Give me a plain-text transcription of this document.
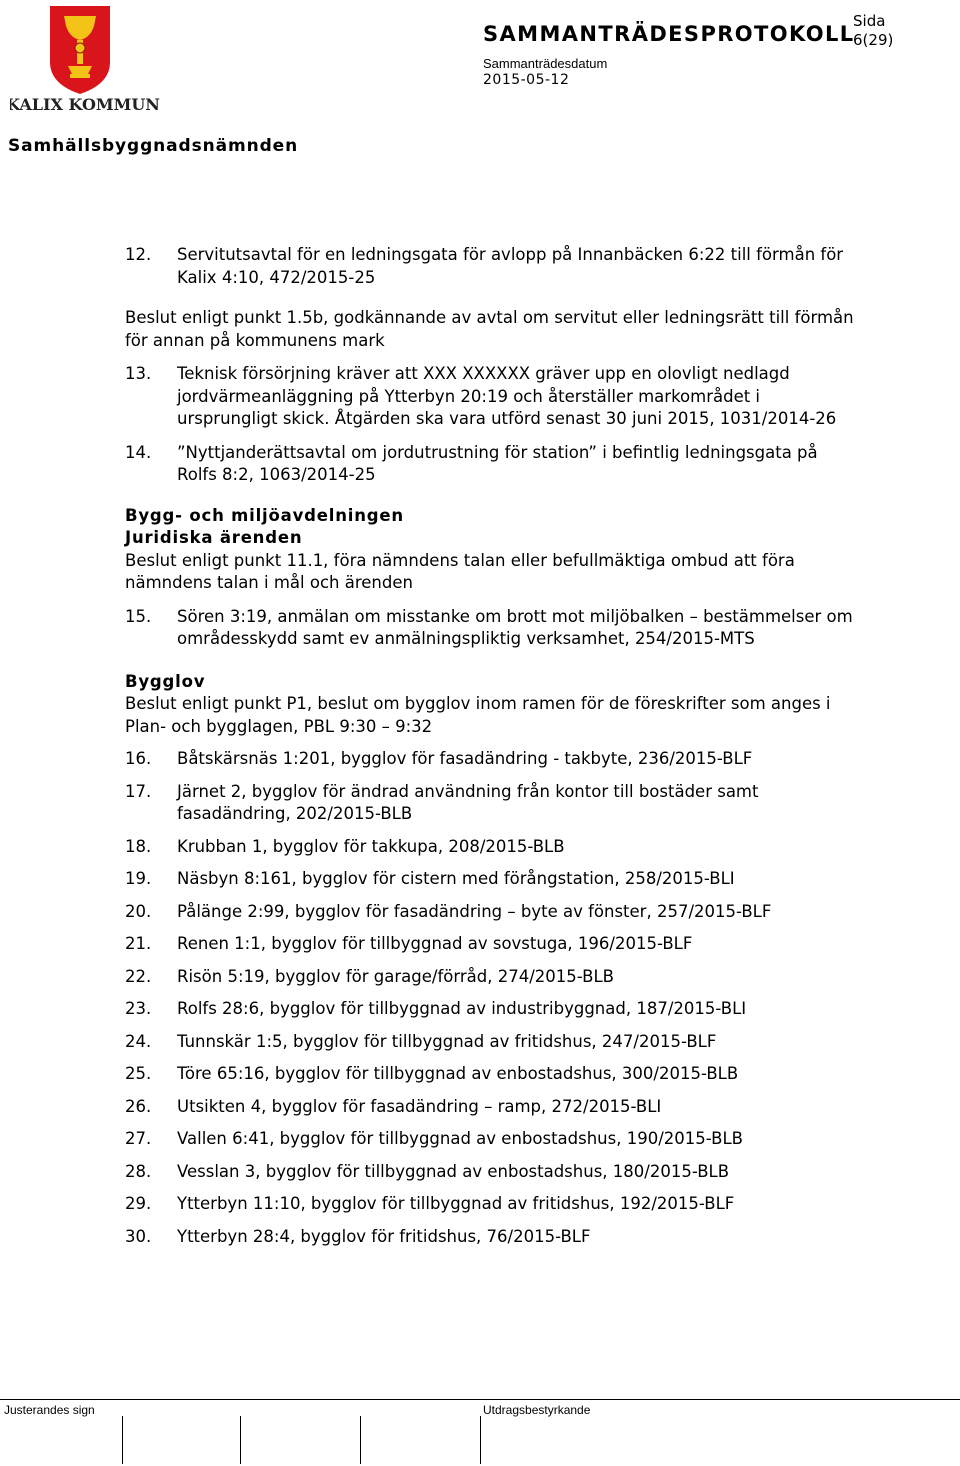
KALIX KOMMUN
SAMMANTRÄDESPROTOKOLL
Sida
6(29)
Sammanträdesdatum
2015-05-12
Samhällsbyggnadsnämnden
12.	Servitutsavtal för en ledningsgata för avlopp på Innanbäcken 6:22 till förmån för Kalix 4:10, 472/2015-25
Beslut enligt punkt 1.5b, godkännande av avtal om servitut eller ledningsrätt till förmån för annan på kommunens mark
13.	Teknisk försörjning kräver att XXX XXXXXX gräver upp en olovligt nedlagd jordvärmeanläggning på Ytterbyn 20:19 och återställer markområdet i ursprungligt skick. Åtgärden ska vara utförd senast 30 juni 2015, 1031/2014-26
14.	”Nyttjanderättsavtal om jordutrustning för station” i befintlig ledningsgata på Rolfs 8:2, 1063/2014-25
Bygg- och miljöavdelningen
Juridiska ärenden
Beslut enligt punkt 11.1, föra nämndens talan eller befullmäktiga ombud att föra nämndens talan i mål och ärenden
15.	Sören 3:19, anmälan om misstanke om brott mot miljöbalken – bestämmelser om områdesskydd samt ev anmälningspliktig verksamhet, 254/2015-MTS
Bygglov
Beslut enligt punkt P1, beslut om bygglov inom ramen för de föreskrifter som anges i Plan- och bygglagen, PBL 9:30 – 9:32
16.	Båtskärsnäs 1:201, bygglov för fasadändring - takbyte, 236/2015-BLF
17.	Järnet 2, bygglov för ändrad användning från kontor till bostäder samt fasadändring, 202/2015-BLB
18.	Krubban 1, bygglov för takkupa, 208/2015-BLB
19.	Näsbyn 8:161, bygglov för cistern med förångstation, 258/2015-BLI
20.	Pålänge 2:99, bygglov för fasadändring – byte av fönster, 257/2015-BLF
21.	Renen 1:1, bygglov för tillbyggnad av sovstuga, 196/2015-BLF
22.	Risön 5:19, bygglov för garage/förråd, 274/2015-BLB
23.	Rolfs 28:6, bygglov för tillbyggnad av industribyggnad, 187/2015-BLI
24.	Tunnskär 1:5, bygglov för tillbyggnad av fritidshus, 247/2015-BLF
25.	Töre 65:16, bygglov för tillbyggnad av enbostadshus, 300/2015-BLB
26.	Utsikten 4, bygglov för fasadändring – ramp, 272/2015-BLI
27.	Vallen 6:41, bygglov för tillbyggnad av enbostadshus, 190/2015-BLB
28.	Vesslan 3, bygglov för tillbyggnad av enbostadshus, 180/2015-BLB
29.	Ytterbyn 11:10, bygglov för tillbyggnad av fritidshus, 192/2015-BLF
30.	Ytterbyn 28:4, bygglov för fritidshus, 76/2015-BLF
Justerandes sign	Utdragsbestyrkande
